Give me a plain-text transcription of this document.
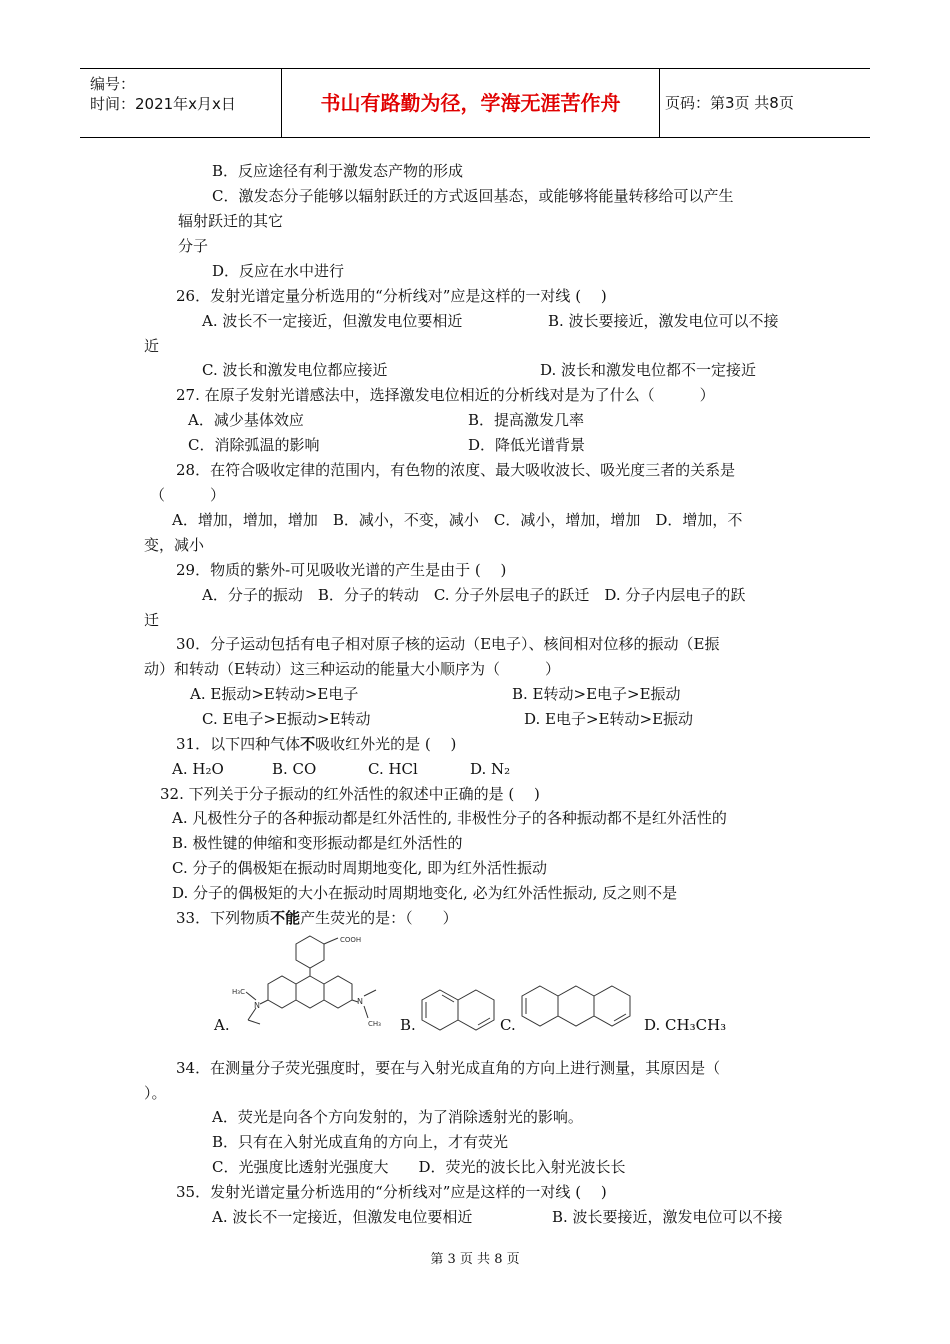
编号：
时间：2021年x月x日	书山有路勤为径，学海无涯苦作舟	页码：第3页 共8页
B．反应途径有利于激发态产物的形成
C．激发态分子能够以辐射跃迁的方式返回基态，或能够将能量转移给可以产生
辐射跃迁的其它
分子
D．反应在水中进行
26．发射光谱定量分析选用的“分析线对”应是这样的一对线 (　 )
A. 波长不一定接近，但激发电位要相近	B. 波长要接近，激发电位可以不接
近
C. 波长和激发电位都应接近	D. 波长和激发电位都不一定接近
27. 在原子发射光谱感法中，选择激发电位相近的分析线对是为了什么（　　　）
A．减少基体效应	B．提高激发几率
C．消除弧温的影响	D．降低光谱背景
28．在符合吸收定律的范围内，有色物的浓度、最大吸收波长、吸光度三者的关系是
（　　　）
A．增加，增加，增加　B．减小，不变，减小　C．减小，增加，增加　D．增加，不
变，减小
29．物质的紫外-可见吸收光谱的产生是由于 (　 )
A．分子的振动　B．分子的转动　C. 分子外层电子的跃迁　D. 分子内层电子的跃
迁
30．分子运动包括有电子相对原子核的运动（E电子）、核间相对位移的振动（E振
动）和转动（E转动）这三种运动的能量大小顺序为（　　　）
A. E振动>E转动>E电子	B. E转动>E电子>E振动
C. E电子>E振动>E转动	D. E电子>E转动>E振动
31．以下四种气体不吸收红外光的是 (　 )
A. H₂O	B. CO	C. HCl	D. N₂
32. 下列关于分子振动的红外活性的叙述中正确的是 (　 )
A. 凡极性分子的各种振动都是红外活性的, 非极性分子的各种振动都不是红外活性的
B. 极性键的伸缩和变形振动都是红外活性的
C. 分子的偶极矩在振动时周期地变化, 即为红外活性振动
D. 分子的偶极矩的大小在振动时周期地变化, 必为红外活性振动, 反之则不是
33．下列物质不能产生荧光的是：（　　）
COOH
H₃C
CH₃
N	N
A.	B.	C.	D. CH₃CH₃
34．在测量分子荧光强度时，要在与入射光成直角的方向上进行测量，其原因是（
）。
A．荧光是向各个方向发射的，为了消除透射光的影响。
B．只有在入射光成直角的方向上，才有荧光
C．光强度比透射光强度大　　D．荧光的波长比入射光波长长
35．发射光谱定量分析选用的“分析线对”应是这样的一对线 (　 )
A. 波长不一定接近，但激发电位要相近	B. 波长要接近，激发电位可以不接
第 3 页 共 8 页
